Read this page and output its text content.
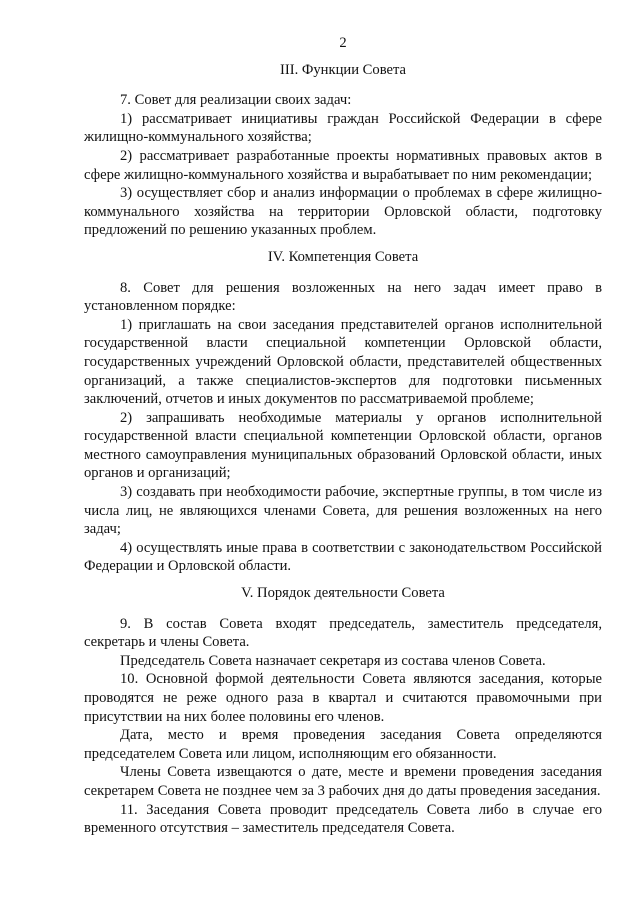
2
III. Функции Совета

7. Совет для реализации своих задач:

1) рассматривает инициативы граждан Российской Федерации в сфере жилищно-коммунального хозяйства;

2) рассматривает разработанные проекты нормативных правовых актов в сфере жилищно-коммунального хозяйства и вырабатывает по ним рекомендации;

3) осуществляет сбор и анализ информации о проблемах в сфере жилищно-коммунального хозяйства на территории Орловской области, подготовку предложений по решению указанных проблем.

IV. Компетенция Совета

8. Совет для решения возложенных на него задач имеет право в установленном порядке:

1) приглашать на свои заседания представителей органов исполнительной государственной власти специальной компетенции Орловской области, государственных учреждений Орловской области, представителей общественных организаций, а также специалистов-экспертов для подготовки письменных заключений, отчетов и иных документов по рассматриваемой проблеме;

2) запрашивать необходимые материалы у органов исполнительной государственной власти специальной компетенции Орловской области, органов местного самоуправления муниципальных образований Орловской области, иных органов и организаций;

3) создавать при необходимости рабочие, экспертные группы, в том числе из числа лиц, не являющихся членами Совета, для решения возложенных на него задач;

4) осуществлять иные права в соответствии с законодательством Российской Федерации и Орловской области.

V. Порядок деятельности Совета

9. В состав Совета входят председатель, заместитель председателя, секретарь и члены Совета.

Председатель Совета назначает секретаря из состава членов Совета.

10. Основной формой деятельности Совета являются заседания, которые проводятся не реже одного раза в квартал и считаются правомочными при присутствии на них более половины его членов.

Дата, место и время проведения заседания Совета определяются председателем Совета или лицом, исполняющим его обязанности.

Члены Совета извещаются о дате, месте и времени проведения заседания секретарем Совета не позднее чем за 3 рабочих дня до даты проведения заседания.

11. Заседания Совета проводит председатель Совета либо в случае его временного отсутствия – заместитель председателя Совета.
